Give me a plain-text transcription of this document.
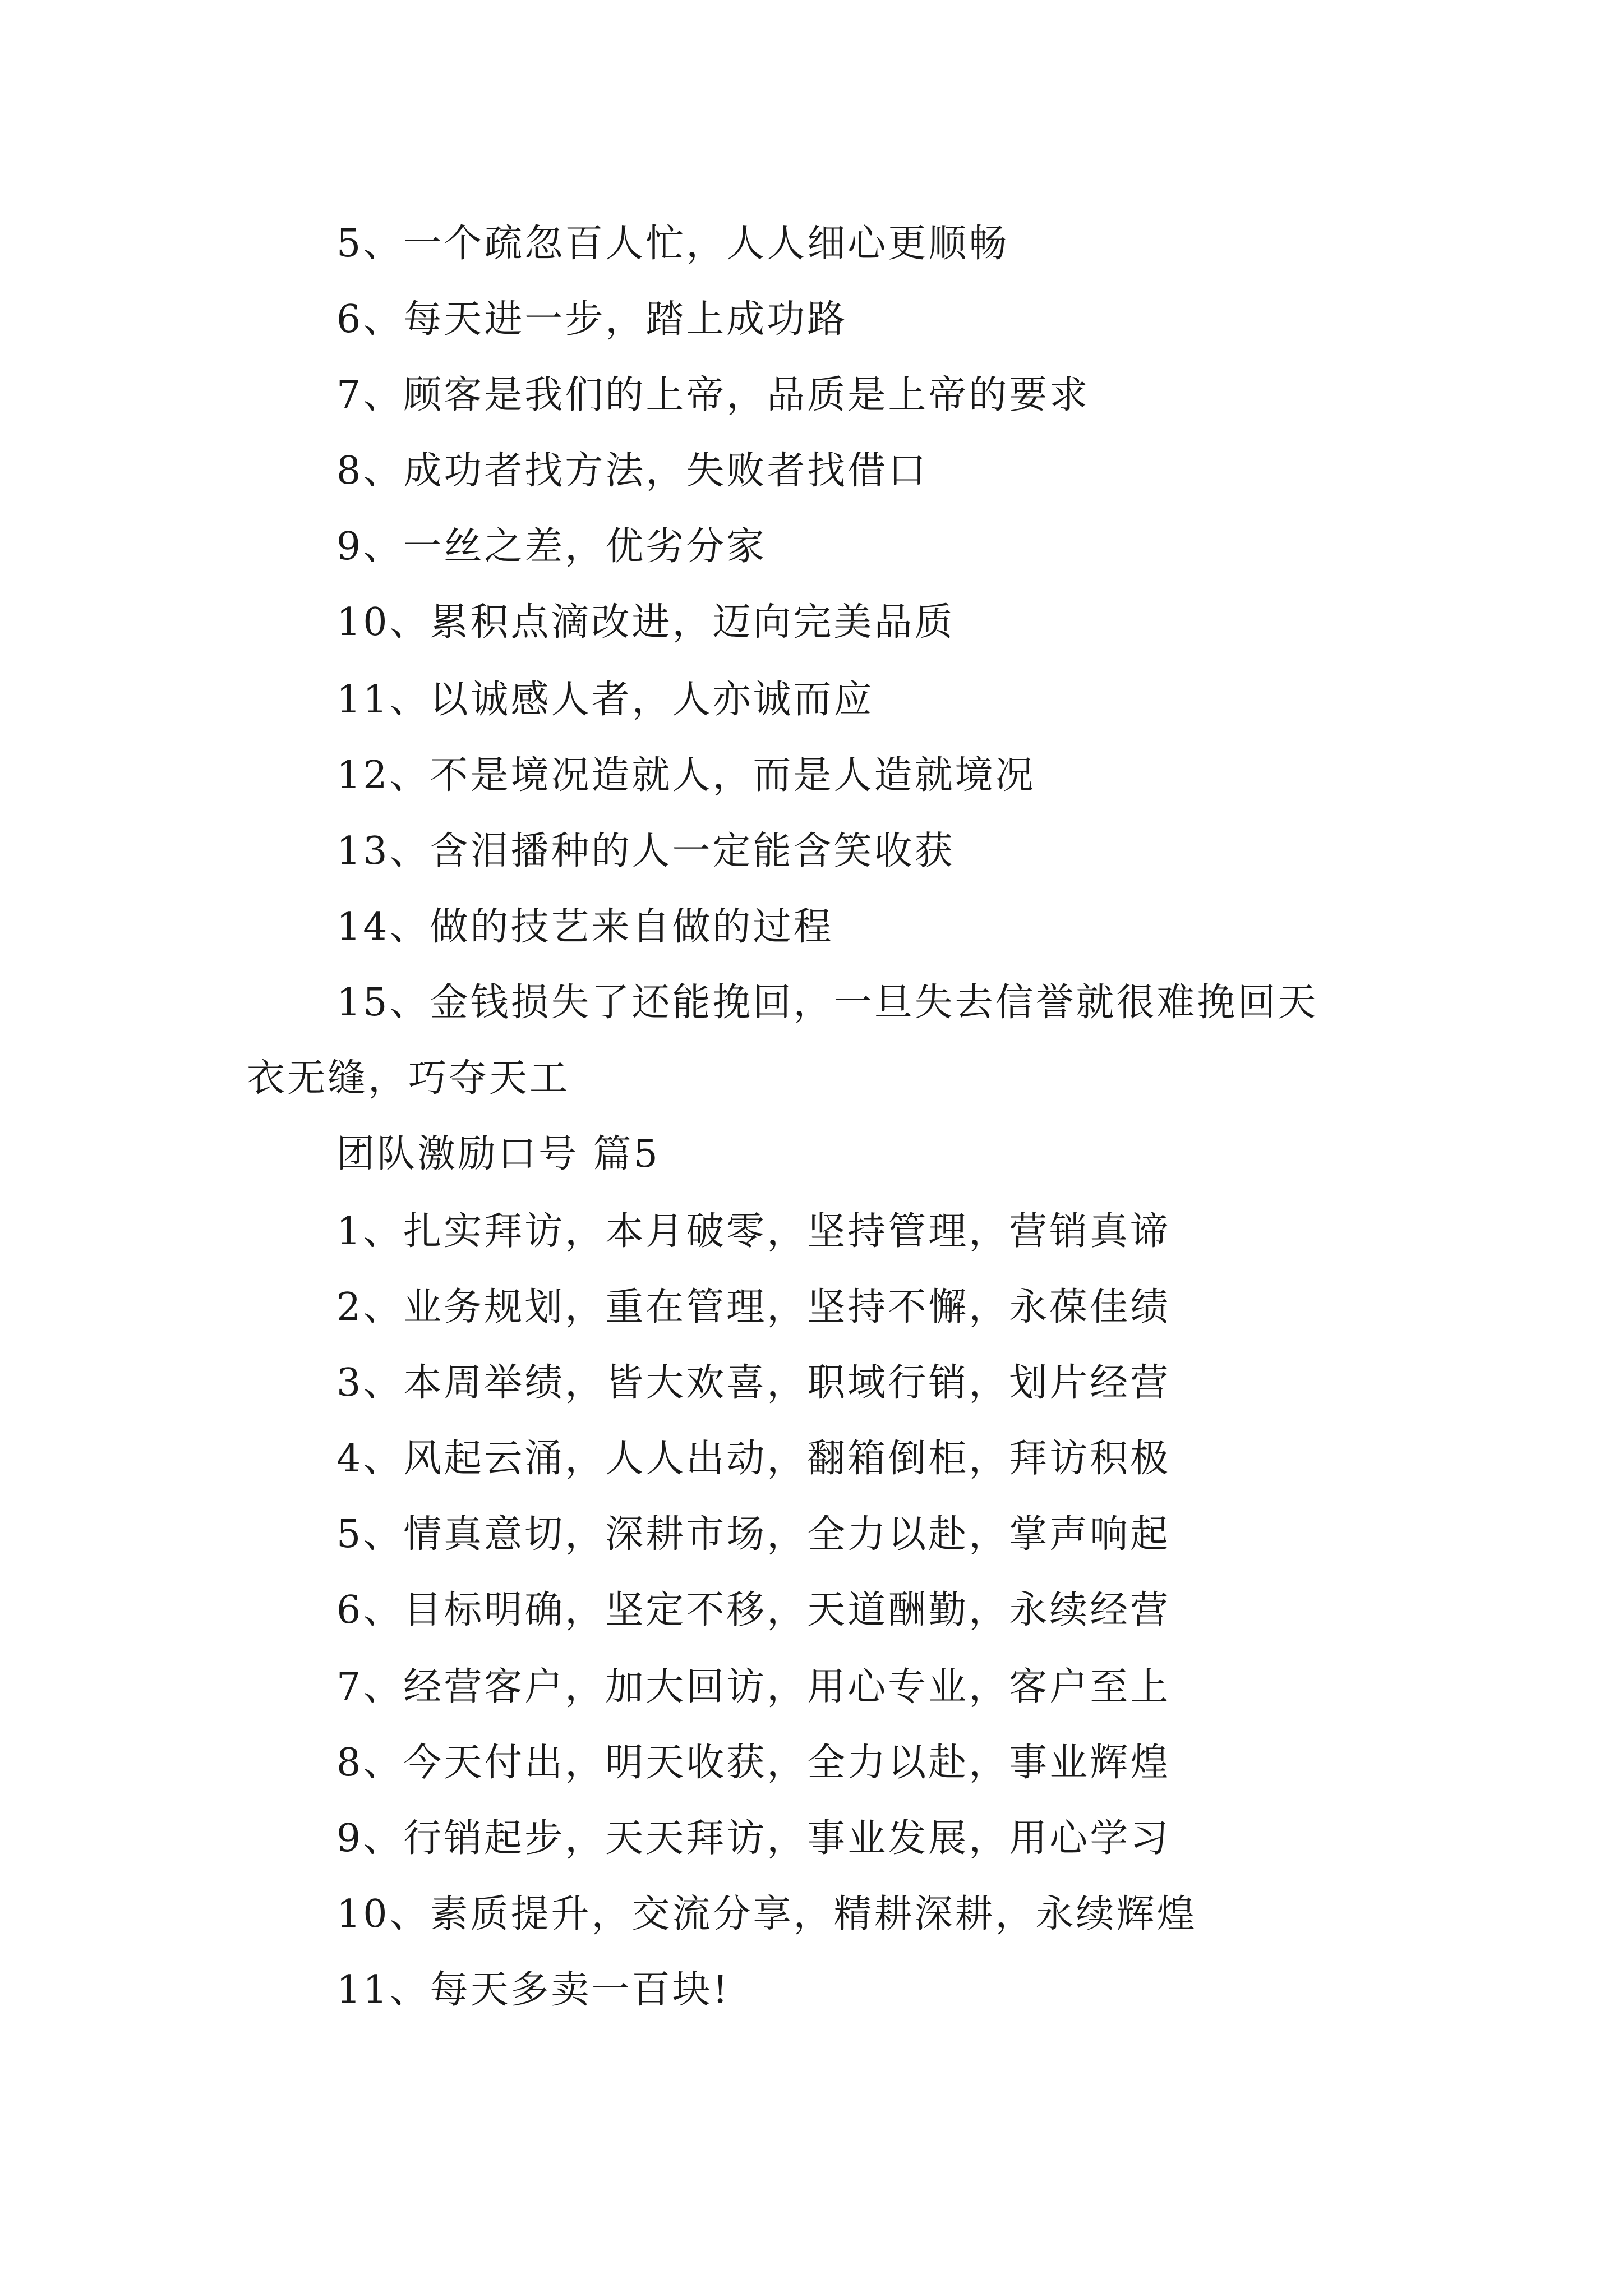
5、一个疏忽百人忙，人人细心更顺畅

6、每天进一步，踏上成功路

7、顾客是我们的上帝，品质是上帝的要求

8、成功者找方法，失败者找借口

9、一丝之差，优劣分家

10、累积点滴改进，迈向完美品质

11、以诚感人者，人亦诚而应

12、不是境况造就人，而是人造就境况

13、含泪播种的人一定能含笑收获

14、做的技艺来自做的过程

15、金钱损失了还能挽回，一旦失去信誉就很难挽回天

衣无缝，巧夺天工

团队激励口号 篇5

1、扎实拜访，本月破零，坚持管理，营销真谛

2、业务规划，重在管理，坚持不懈，永葆佳绩

3、本周举绩，皆大欢喜，职域行销，划片经营

4、风起云涌，人人出动，翻箱倒柜，拜访积极

5、情真意切，深耕市场，全力以赴，掌声响起

6、目标明确，坚定不移，天道酬勤，永续经营

7、经营客户，加大回访，用心专业，客户至上

8、今天付出，明天收获，全力以赴，事业辉煌

9、行销起步，天天拜访，事业发展，用心学习

10、素质提升，交流分享，精耕深耕，永续辉煌

11、每天多卖一百块!
